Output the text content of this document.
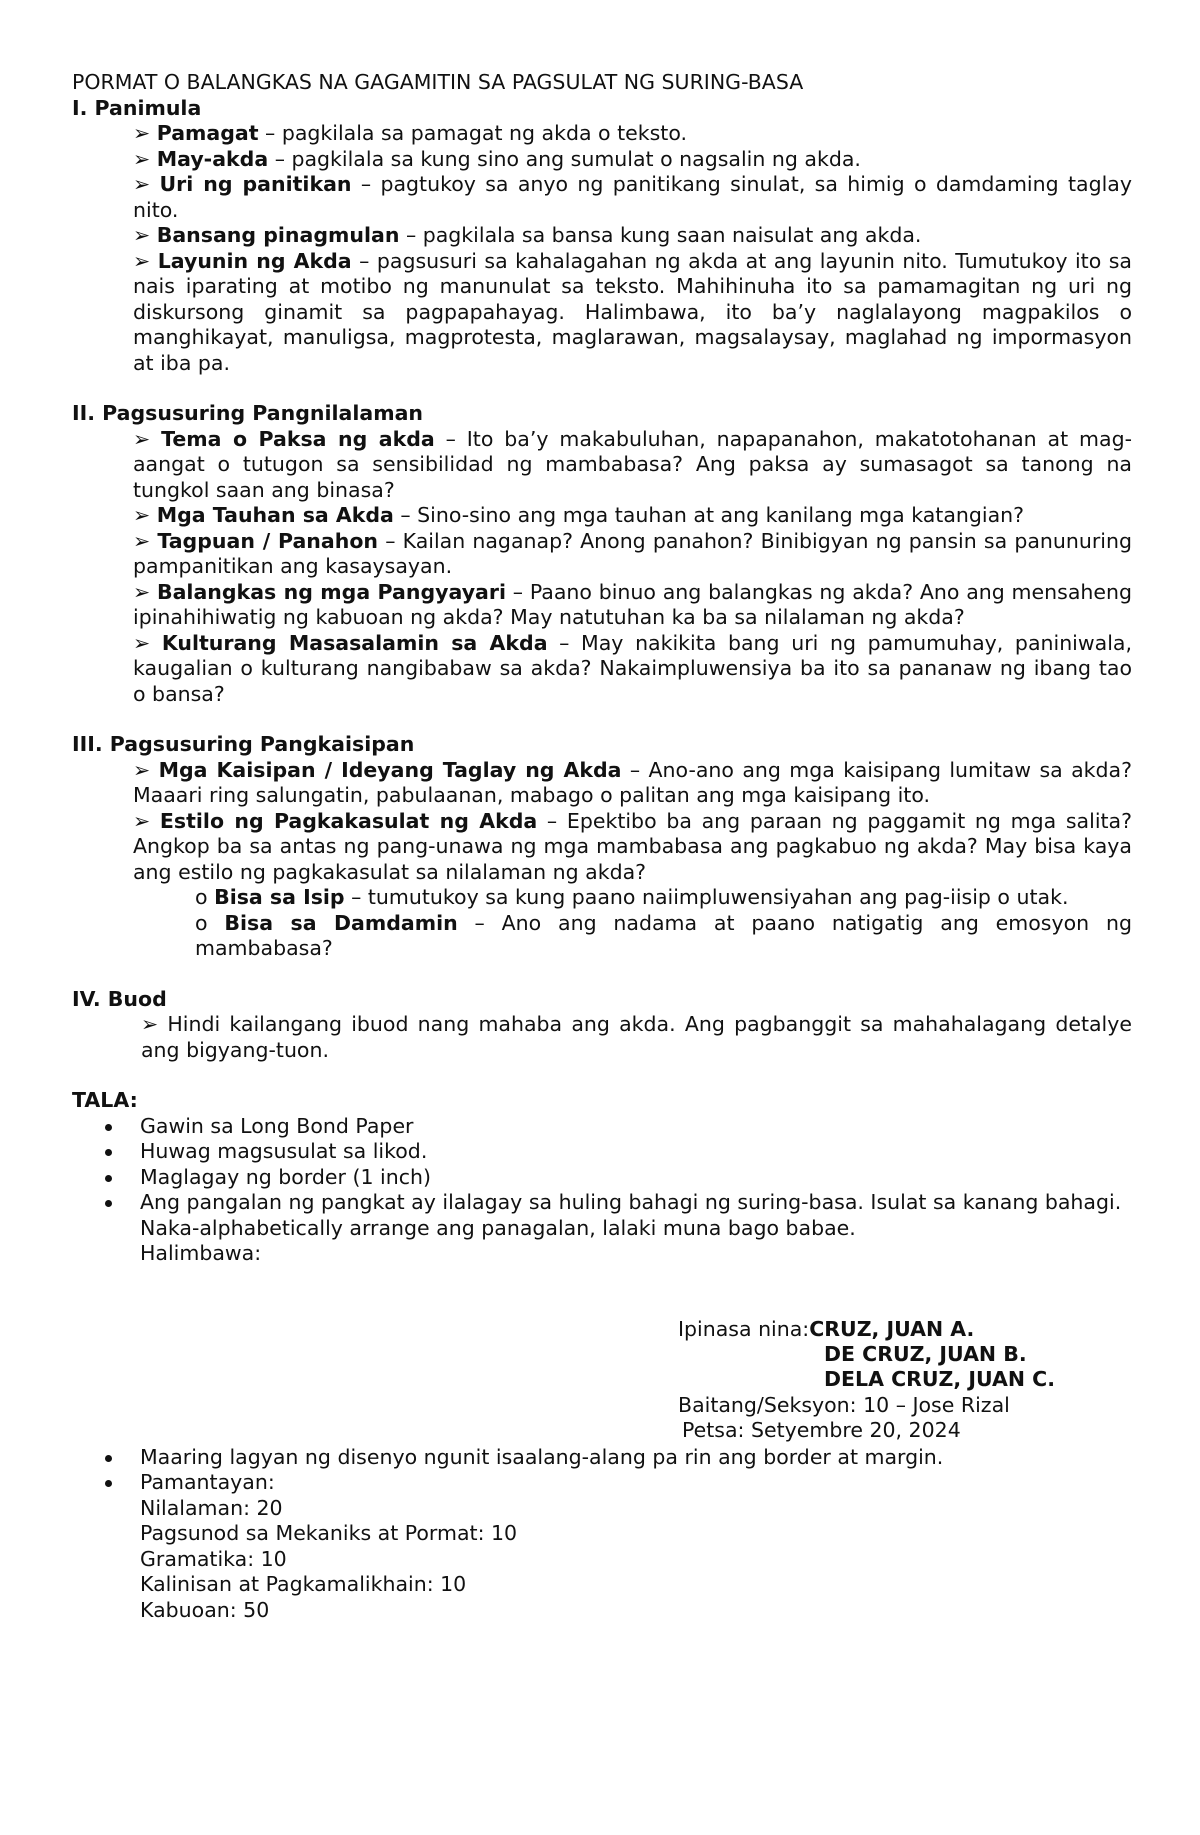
PORMAT O BALANGKAS NA GAGAMITIN SA PAGSULAT NG SURING-BASA

I. Panimula

➢ Pamagat – pagkilala sa pamagat ng akda o teksto.
➢ May-akda – pagkilala sa kung sino ang sumulat o nagsalin ng akda.
➢ Uri ng panitikan – pagtukoy sa anyo ng panitikang sinulat, sa himig o damdaming taglay nito.
➢ Bansang pinagmulan – pagkilala sa bansa kung saan naisulat ang akda.
➢ Layunin ng Akda – pagsusuri sa kahalagahan ng akda at ang layunin nito. Tumutukoy ito sa nais iparating at motibo ng manunulat sa teksto. Mahihinuha ito sa pamamagitan ng uri ng diskursong ginamit sa pagpapahayag. Halimbawa, ito ba’y naglalayong magpakilos o manghikayat, manuligsa, magprotesta, maglarawan, magsalaysay, maglahad ng impormasyon at iba pa.

II. Pagsusuring Pangnilalaman

➢ Tema o Paksa ng akda – Ito ba’y makabuluhan, napapanahon, makatotohanan at mag-aangat o tutugon sa sensibilidad ng mambabasa? Ang paksa ay sumasagot sa tanong na tungkol saan ang binasa?
➢ Mga Tauhan sa Akda – Sino-sino ang mga tauhan at ang kanilang mga katangian?
➢ Tagpuan / Panahon – Kailan naganap? Anong panahon? Binibigyan ng pansin sa panunuring pampanitikan ang kasaysayan.
➢ Balangkas ng mga Pangyayari – Paano binuo ang balangkas ng akda? Ano ang mensaheng ipinahihiwatig ng kabuoan ng akda? May natutuhan ka ba sa nilalaman ng akda?
➢ Kulturang Masasalamin sa Akda – May nakikita bang uri ng pamumuhay, paniniwala, kaugalian o kulturang nangibabaw sa akda? Nakaimpluwensiya ba ito sa pananaw ng ibang tao o bansa?

III. Pagsusuring Pangkaisipan

➢ Mga Kaisipan / Ideyang Taglay ng Akda – Ano-ano ang mga kaisipang lumitaw sa akda? Maaari ring salungatin, pabulaanan, mabago o palitan ang mga kaisipang ito.
➢ Estilo ng Pagkakasulat ng Akda – Epektibo ba ang paraan ng paggamit ng mga salita? Angkop ba sa antas ng pang-unawa ng mga mambabasa ang pagkabuo ng akda? May bisa kaya ang estilo ng pagkakasulat sa nilalaman ng akda?
o Bisa sa Isip – tumutukoy sa kung paano naiimpluwensiyahan ang pag-iisip o utak.
o Bisa sa Damdamin – Ano ang nadama at paano natigatig ang emosyon ng mambabasa?

IV. Buod

➢ Hindi kailangang ibuod nang mahaba ang akda. Ang pagbanggit sa mahahalagang detalye ang bigyang-tuon.

TALA:

Gawin sa Long Bond Paper
Huwag magsusulat sa likod.
Maglagay ng border (1 inch)
Ang pangalan ng pangkat ay ilalagay sa huling bahagi ng suring-basa. Isulat sa kanang bahagi. Naka-alphabetically arrange ang panagalan, lalaki muna bago babae.
Halimbawa:
Ipinasa nina:CRUZ, JUAN A.
DE CRUZ, JUAN B.
DELA CRUZ, JUAN C.
Baitang/Seksyon: 10 – Jose Rizal
Petsa: Setyembre 20, 2024
Maaring lagyan ng disenyo ngunit isaalang-alang pa rin ang border at margin.
Pamantayan:
Nilalaman: 20
Pagsunod sa Mekaniks at Pormat: 10
Gramatika: 10
Kalinisan at Pagkamalikhain: 10
Kabuoan: 50
